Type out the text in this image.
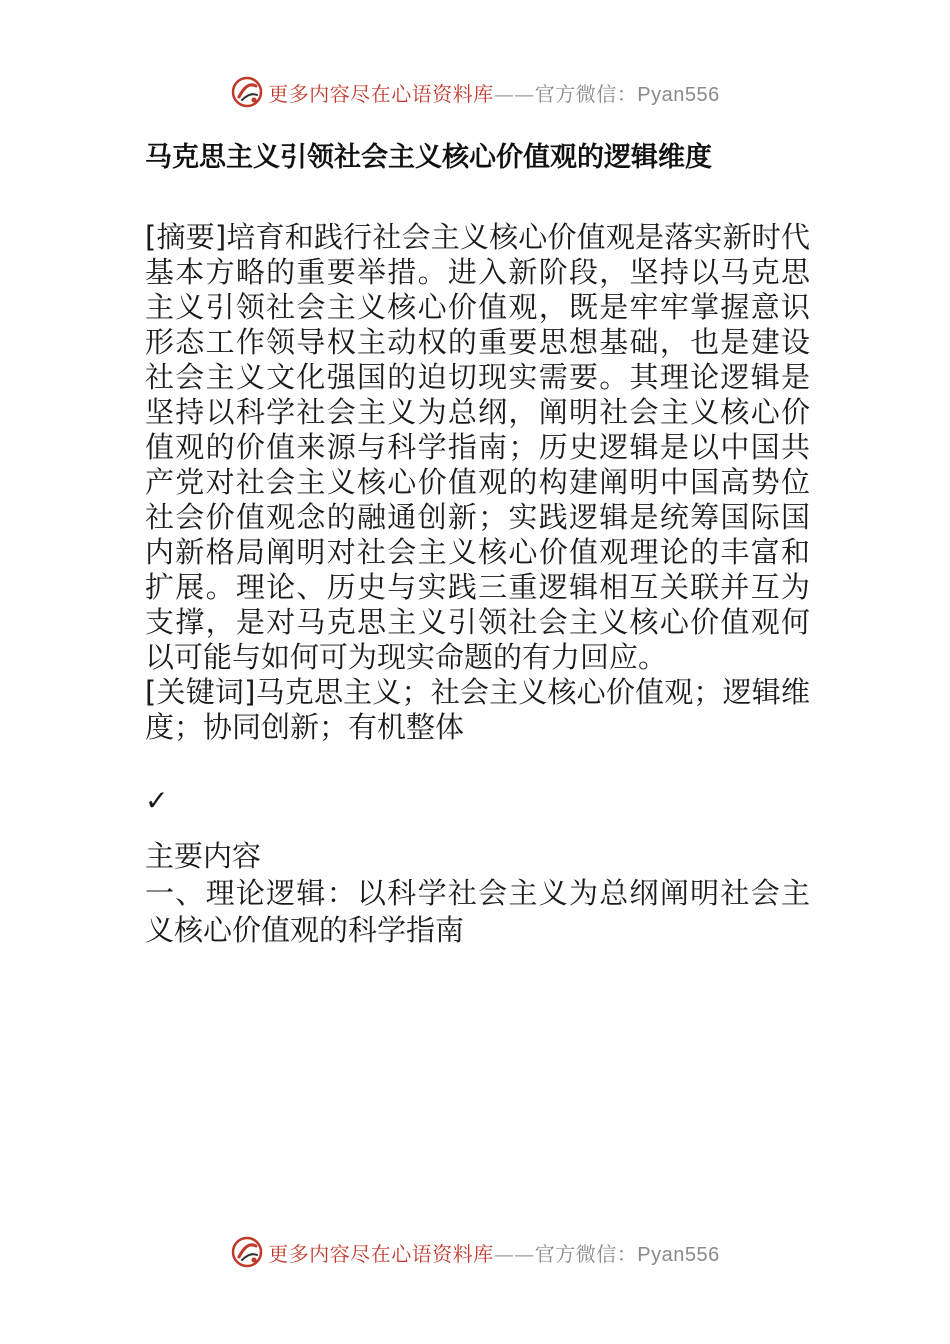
更多内容尽在心语资料库——官方微信：Pyan556
马克思主义引领社会主义核心价值观的逻辑维度

[摘要]培育和践行社会主义核心价值观是落实新时代基本方略的重要举措。进入新阶段，坚持以马克思主义引领社会主义核心价值观，既是牢牢掌握意识形态工作领导权主动权的重要思想基础，也是建设社会主义文化强国的迫切现实需要。其理论逻辑是坚持以科学社会主义为总纲，阐明社会主义核心价值观的价值来源与科学指南；历史逻辑是以中国共产党对社会主义核心价值观的构建阐明中国高势位社会价值观念的融通创新；实践逻辑是统筹国际国内新格局阐明对社会主义核心价值观理论的丰富和扩展。理论、历史与实践三重逻辑相互关联并互为支撑，是对马克思主义引领社会主义核心价值观何以可能与如何可为现实命题的有力回应。

[关键词]马克思主义；社会主义核心价值观；逻辑维度；协同创新；有机整体

✓

主要内容

一、理论逻辑：以科学社会主义为总纲阐明社会主义核心价值观的科学指南

更多内容尽在心语资料库——官方微信：Pyan556
